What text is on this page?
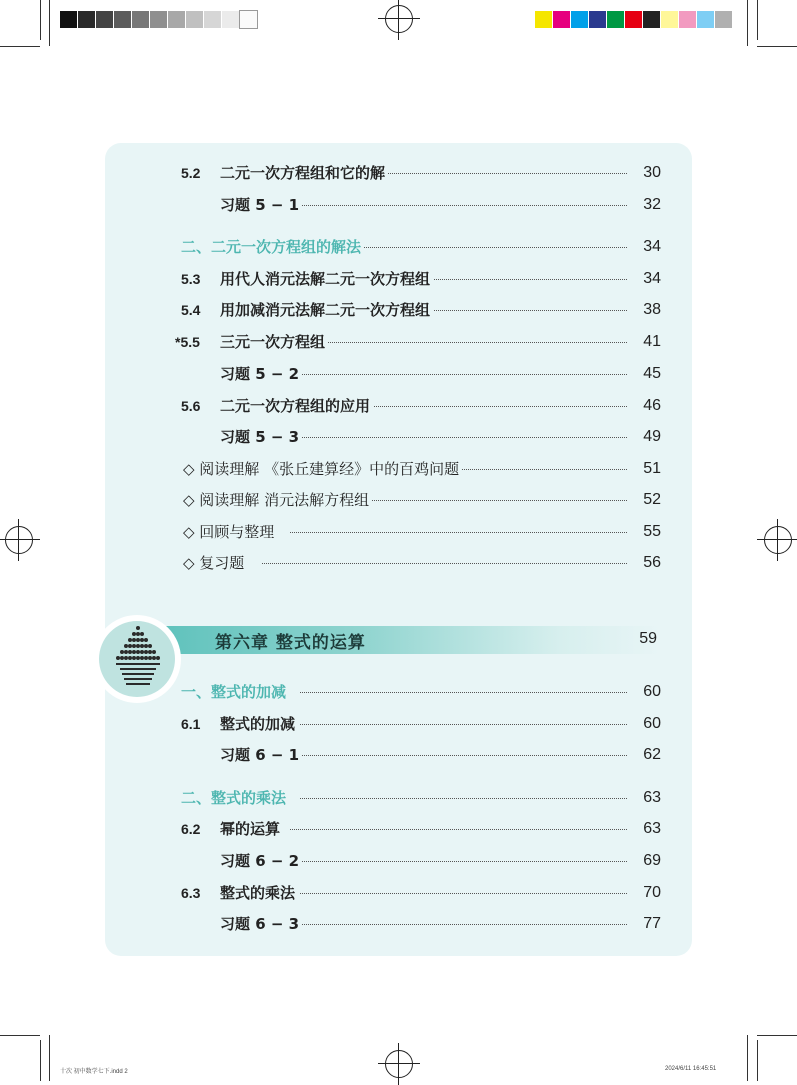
5.2 二元一次方程组和它的解	30
习题 5 − 1	32
二、二元一次方程组的解法	34
5.3 用代人消元法解二元一次方程组	34
5.4 用加减消元法解二元一次方程组	38
*5.5 三元一次方程组	41
习题 5 − 2	45
5.6 二元一次方程组的应用	46
习题 5 − 3	49
◇ 阅读理解 《张丘建算经》中的百鸡问题	51
◇ 阅读理解 消元法解方程组	52
◇ 回顾与整理	55
◇ 复习题	56
第六章 整式的运算	59
一、整式的加减	60
6.1 整式的加减	60
习题 6 − 1	62
二、整式的乘法	63
6.2 幂的运算	63
习题 6 − 2	69
6.3 整式的乘法	70
习题 6 − 3	77
十次 初中数学七下.indd 2	2024/6/11 16:45:51
